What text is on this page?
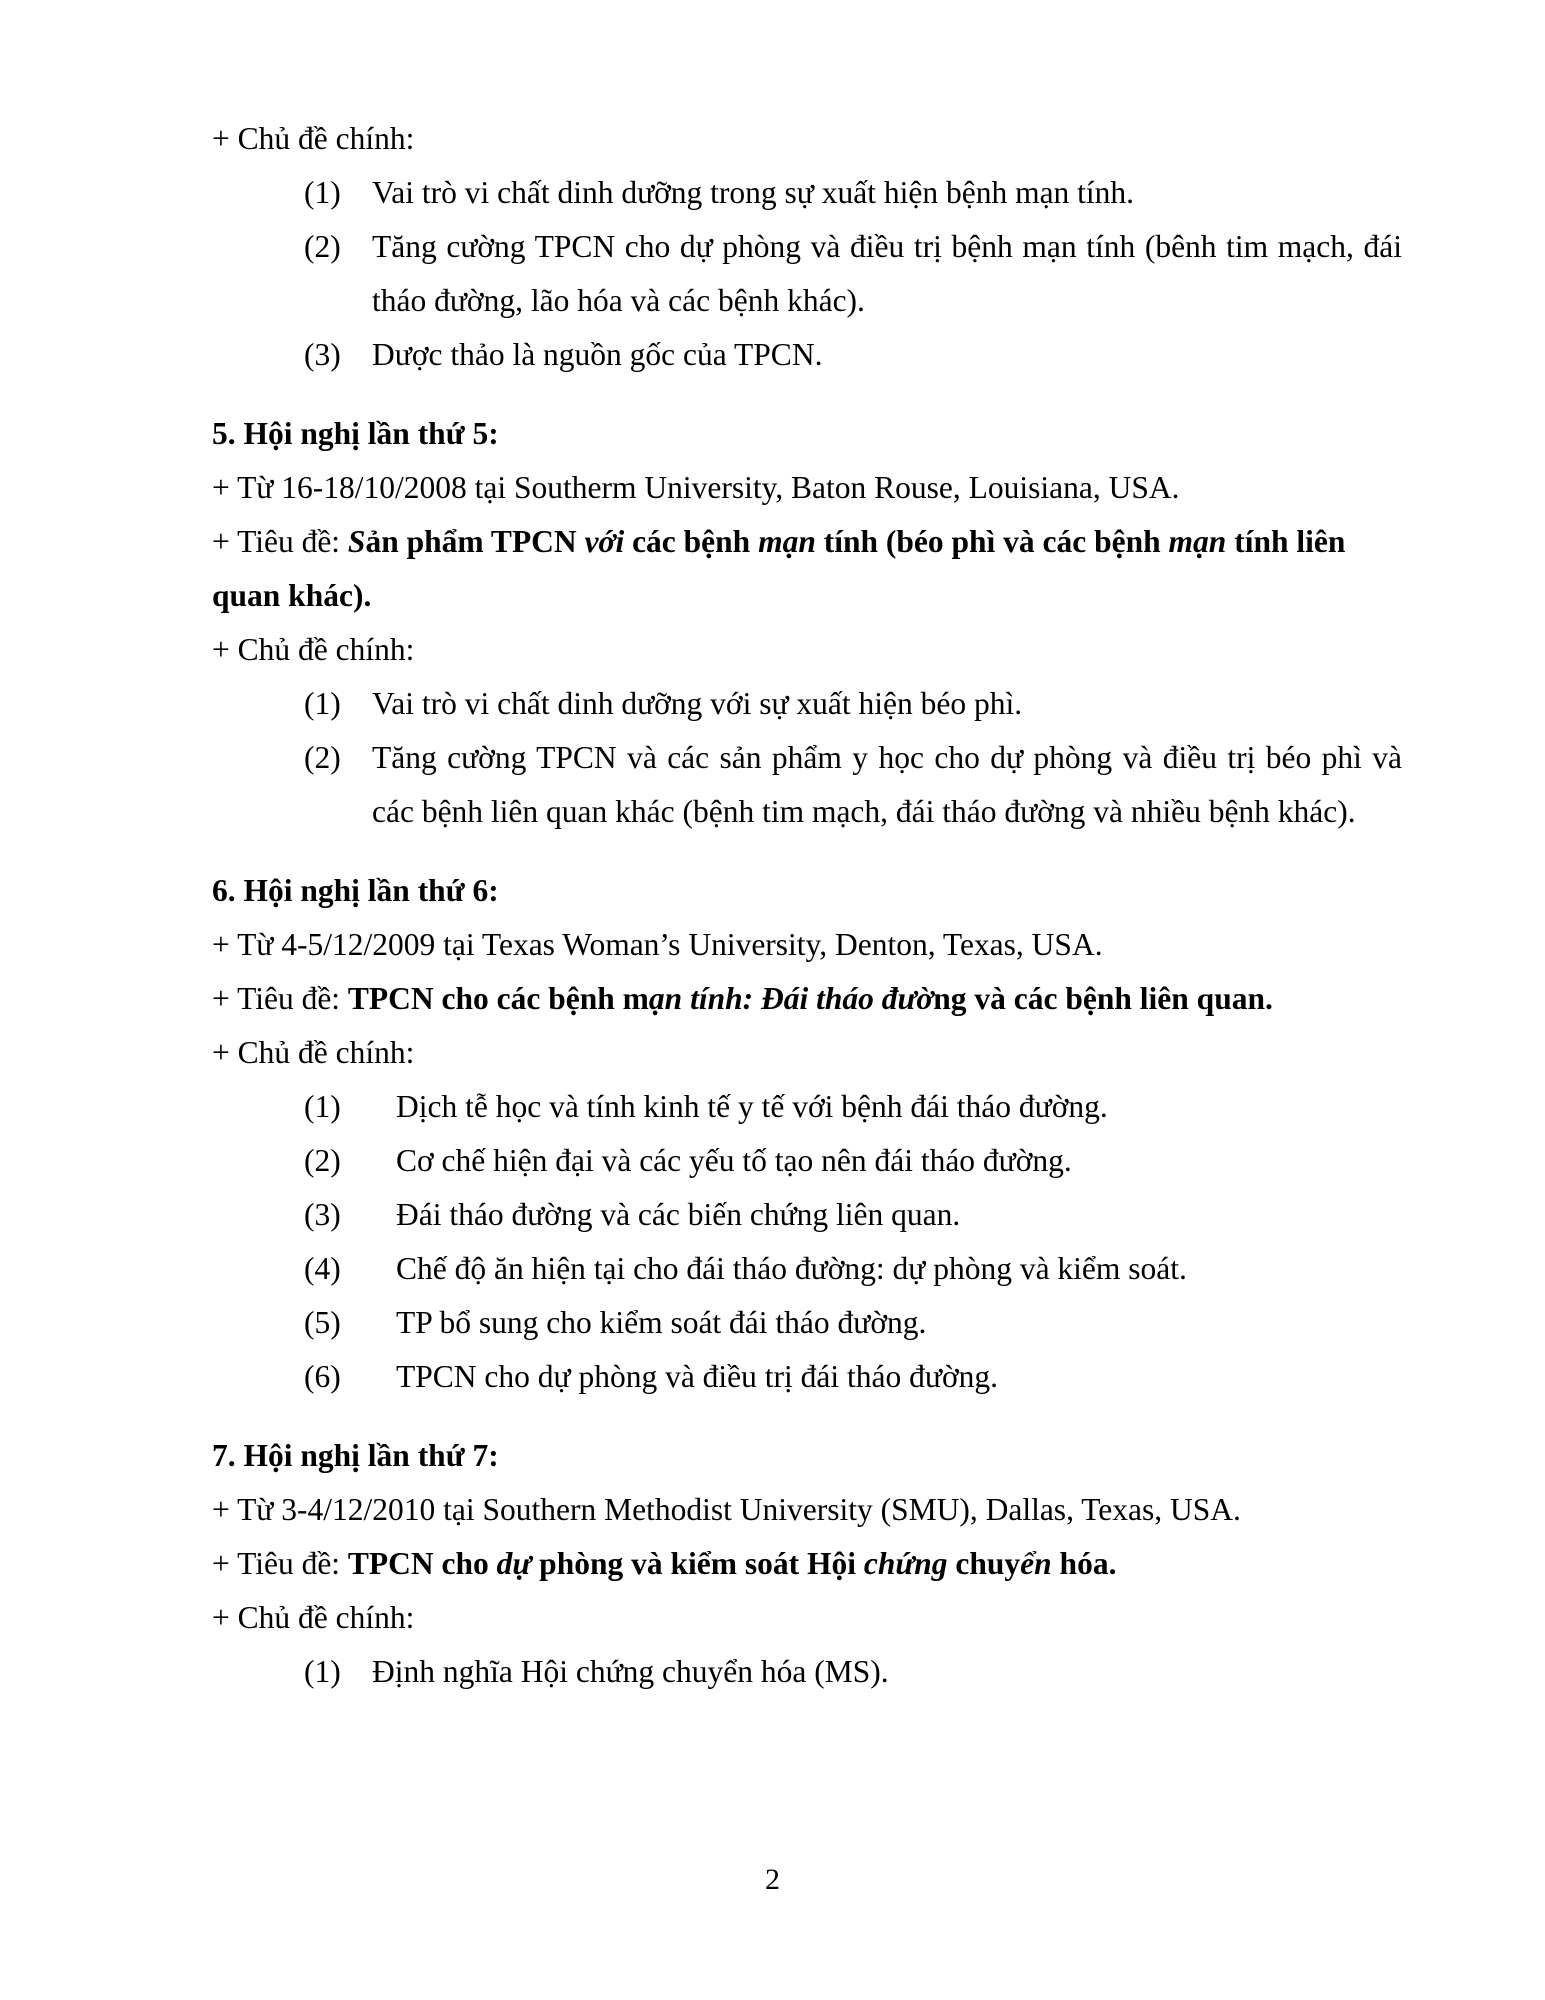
+ Chủ đề chính:
(1) Vai trò vi chất dinh dưỡng trong sự xuất hiện bệnh mạn tính.
(2) Tăng cường TPCN cho dự phòng và điều trị bệnh mạn tính (bênh tim mạch, đái tháo đường, lão hóa và các bệnh khác).
(3) Dược thảo là nguồn gốc của TPCN.
5. Hội nghị lần thứ 5:
+ Từ 16-18/10/2008 tại Southerm University, Baton Rouse, Louisiana, USA.
+ Tiêu đề: Sản phẩm TPCN với các bệnh mạn tính (béo phì và các bệnh mạn tính liên quan khác).
+ Chủ đề chính:
(1) Vai trò vi chất dinh dưỡng với sự xuất hiện béo phì.
(2) Tăng cường TPCN và các sản phẩm y học cho dự phòng và điều trị béo phì và các bệnh liên quan khác (bệnh tim mạch, đái tháo đường và nhiều bệnh khác).
6. Hội nghị lần thứ 6:
+ Từ 4-5/12/2009 tại Texas Woman’s University, Denton, Texas, USA.
+ Tiêu đề: TPCN cho các bệnh mạn tính: Đái tháo đường và các bệnh liên quan.
+ Chủ đề chính:
(1)	Dịch tễ học và tính kinh tế y tế với bệnh đái tháo đường.
(2)	Cơ chế hiện đại và các yếu tố tạo nên đái tháo đường.
(3)	Đái tháo đường và các biến chứng liên quan.
(4)	Chế độ ăn hiện tại cho đái tháo đường: dự phòng và kiểm soát.
(5)	TP bổ sung cho kiểm soát đái tháo đường.
(6)	TPCN cho dự phòng và điều trị đái tháo đường.
7. Hội nghị lần thứ 7:
+ Từ 3-4/12/2010 tại Southern Methodist University (SMU), Dallas, Texas, USA.
+ Tiêu đề: TPCN cho dự phòng và kiểm soát Hội chứng chuyển hóa.
+ Chủ đề chính:
(1) Định nghĩa Hội chứng chuyển hóa (MS).
2
